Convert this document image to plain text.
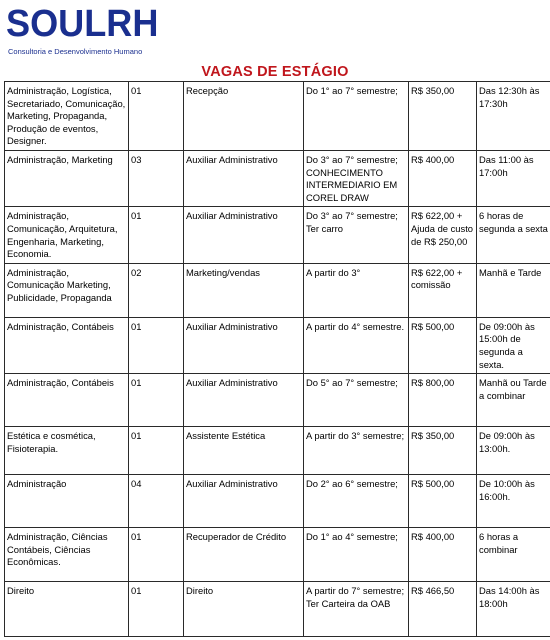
SOULRH
Consultoria e Desenvolvimento Humano
VAGAS DE ESTÁGIO
Administração, Logística, Secretariado, Comunicação, Marketing, Propaganda, Produção de eventos, Designer.	01	Recepção	Do 1° ao 7° semestre;	R$ 350,00	Das 12:30h às 17:30h
Administração, Marketing	03	Auxiliar Administrativo	Do 3° ao 7° semestre; CONHECIMENTO INTERMEDIARIO EM COREL DRAW	R$ 400,00	Das 11:00 às 17:00h
Administração, Comunicação, Arquitetura, Engenharia, Marketing, Economia.	01	Auxiliar Administrativo	Do 3° ao 7° semestre; Ter carro	R$ 622,00 + Ajuda de custo de R$ 250,00	6 horas de segunda a sexta
Administração, Comunicação Marketing, Publicidade, Propaganda	02	Marketing/vendas	A partir do 3°	R$ 622,00 + comissão	Manhã e Tarde
Administração, Contábeis	01	Auxiliar Administrativo	A partir do 4° semestre.	R$ 500,00	De 09:00h às 15:00h de segunda a sexta.
Administração, Contábeis	01	Auxiliar Administrativo	Do 5° ao 7° semestre;	R$ 800,00	Manhã ou Tarde a combinar
Estética e cosmética, Fisioterapia.	01	Assistente Estética	A partir do 3° semestre;	R$ 350,00	De 09:00h às 13:00h.
Administração	04	Auxiliar Administrativo	Do 2° ao 6° semestre;	R$ 500,00	De 10:00h às 16:00h.
Administração, Ciências Contábeis, Ciências Econômicas.	01	Recuperador de Crédito	Do 1° ao 4° semestre;	R$ 400,00	6 horas a combinar
Direito	01	Direito	A partir do 7° semestre; Ter Carteira da OAB	R$ 466,50	Das 14:00h às 18:00h
